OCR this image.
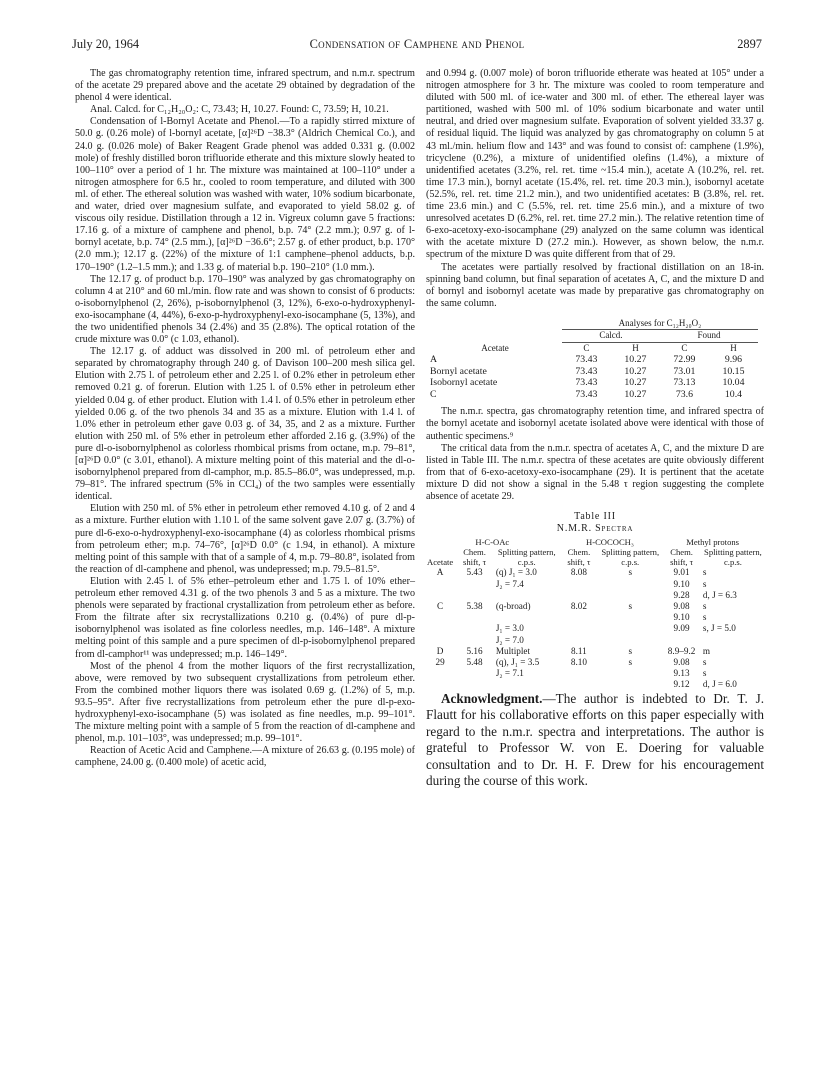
July 20, 1964	Condensation of Camphene and Phenol	2897

The gas chromatography retention time, infrared spectrum, and n.m.r. spectrum of the acetate 29 prepared above and the acetate 29 obtained by degradation of the phenol 4 were identical.

Anal. Calcd. for C₁₂H₂₀O₂: C, 73.43; H, 10.27. Found: C, 73.59; H, 10.21.

Condensation of l-Bornyl Acetate and Phenol.—To a rapidly stirred mixture of 50.0 g. (0.26 mole) of l-bornyl acetate, [α]²⁶D −38.3° (Aldrich Chemical Co.), and 24.0 g. (0.026 mole) of Baker Reagent Grade phenol was added 0.331 g. (0.002 mole) of freshly distilled boron trifluoride etherate and this mixture slowly heated to 100–110° over a period of 1 hr. The mixture was maintained at 100–110° under a nitrogen atmosphere for 6.5 hr., cooled to room temperature, and diluted with 300 ml. of ether. The ethereal solution was washed with water, 10% sodium bicarbonate, and water, dried over magnesium sulfate, and evaporated to yield 58.02 g. of viscous oily residue. Distillation through a 12 in. Vigreux column gave 5 fractions: 17.16 g. of a mixture of camphene and phenol, b.p. 74° (2.2 mm.); 0.97 g. of l-bornyl acetate, b.p. 74° (2.5 mm.), [α]²⁶D −36.6°; 2.57 g. of ether product, b.p. 170° (2.0 mm.); 12.17 g. (22%) of the mixture of 1:1 camphene–phenol adducts, b.p. 170–190° (1.2–1.5 mm.); and 1.33 g. of material b.p. 190–210° (1.0 mm.).

The 12.17 g. of product b.p. 170–190° was analyzed by gas chromatography on column 4 at 210° and 60 ml./min. flow rate and was shown to consist of 6 products: o-isobornylphenol (2, 26%), p-isobornylphenol (3, 12%), 6-exo-o-hydroxyphenyl-exo-isocamphane (4, 44%), 6-exo-p-hydroxyphenyl-exo-isocamphane (5, 13%), and the two unidentified phenols 34 (2.4%) and 35 (2.8%). The optical rotation of the crude mixture was 0.0° (c 1.03, ethanol).

The 12.17 g. of adduct was dissolved in 200 ml. of petroleum ether and separated by chromatography through 240 g. of Davison 100–200 mesh silica gel. Elution with 2.75 l. of petroleum ether and 2.25 l. of 0.2% ether in petroleum ether removed 0.21 g. of forerun. Elution with 1.25 l. of 0.5% ether in petroleum ether yielded 0.04 g. of ether product. Elution with 1.4 l. of 0.5% ether in petroleum ether yielded 0.06 g. of the two phenols 34 and 35 as a mixture. Elution with 1.4 l. of 1.0% ether in petroleum ether gave 0.03 g. of 34, 35, and 2 as a mixture. Further elution with 250 ml. of 5% ether in petroleum ether afforded 2.16 g. (3.9%) of the pure dl-o-isobornylphenol as colorless rhombical prisms from octane, m.p. 79–81°, [α]²⁶D 0.0° (c 3.01, ethanol). A mixture melting point of this material and the dl-o-isobornylphenol prepared from dl-camphor, m.p. 85.5–86.0°, was undepressed, m.p. 79–81°. The infrared spectrum (5% in CCl₄) of the two samples were essentially identical.

Elution with 250 ml. of 5% ether in petroleum ether removed 4.10 g. of 2 and 4 as a mixture. Further elution with 1.10 l. of the same solvent gave 2.07 g. (3.7%) of pure dl-6-exo-o-hydroxyphenyl-exo-isocamphane (4) as colorless rhombical prisms from petroleum ether; m.p. 74–76°, [α]²⁶D 0.0° (c 1.94, in ethanol). A mixture melting point of this sample with that of a sample of 4, m.p. 79–80.8°, isolated from the reaction of dl-camphene and phenol, was undepressed; m.p. 79.5–81.5°.

Elution with 2.45 l. of 5% ether–petroleum ether and 1.75 l. of 10% ether–petroleum ether removed 4.31 g. of the two phenols 3 and 5 as a mixture. The two phenols were separated by fractional crystallization from petroleum ether as before. From the filtrate after six recrystallizations 0.210 g. (0.4%) of pure dl-p-isobornylphenol was isolated as fine colorless needles, m.p. 146–148°. A mixture melting point of this sample and a pure specimen of dl-p-isobornylphenol prepared from dl-camphor¹¹ was undepressed; m.p. 146–149°.

Most of the phenol 4 from the mother liquors of the first recrystallization, above, were removed by two subsequent crystallizations from petroleum ether. From the combined mother liquors there was isolated 0.69 g. (1.2%) of 5, m.p. 93.5–95°. After five recrystallizations from petroleum ether the pure dl-p-exo-hydroxyphenyl-exo-isocamphane (5) was isolated as fine needles, m.p. 99–101°. The mixture melting point with a sample of 5 from the reaction of dl-camphene and phenol, m.p. 101–103°, was undepressed; m.p. 99–101°.

Reaction of Acetic Acid and Camphene.—A mixture of 26.63 g. (0.195 mole) of camphene, 24.00 g. (0.400 mole) of acetic acid,

and 0.994 g. (0.007 mole) of boron trifluoride etherate was heated at 105° under a nitrogen atmosphere for 3 hr. The mixture was cooled to room temperature and diluted with 500 ml. of ice-water and 300 ml. of ether. The ethereal layer was partitioned, washed with 500 ml. of 10% sodium bicarbonate and water until neutral, and dried over magnesium sulfate. Evaporation of solvent yielded 33.37 g. of residual liquid. The liquid was analyzed by gas chromatography on column 5 at 43 ml./min. helium flow and 143° and was found to consist of: camphene (1.9%), tricyclene (0.2%), a mixture of unidentified olefins (1.4%), a mixture of unidentified acetates (3.2%, rel. ret. time ~15.4 min.), acetate A (10.2%, rel. ret. time 17.3 min.), bornyl acetate (15.4%, rel. ret. time 20.3 min.), isobornyl acetate (52.5%, rel. ret. time 21.2 min.), and two unidentified acetates: B (3.8%, rel. ret. time 23.6 min.) and C (5.5%, rel. ret. time 25.6 min.), and a mixture of two unresolved acetates D (6.2%, rel. ret. time 27.2 min.). The relative retention time of 6-exo-acetoxy-exo-isocamphane (29) analyzed on the same column was identical with the acetate mixture D (27.2 min.). However, as shown below, the n.m.r. spectrum of the mixture D was quite different from that of 29.

The acetates were partially resolved by fractional distillation on an 18-in. spinning band column, but final separation of acetates A, C, and the mixture D and of bornyl and isobornyl acetate was made by preparative gas chromatography on the same column.

	Analyses for C₁₂H₂₀O₂			
	Calcd.		Found	
Acetate	C	H	C	H
A	73.43	10.27	72.99	9.96
Bornyl acetate	73.43	10.27	73.01	10.15
Isobornyl acetate	73.43	10.27	73.13	10.04
C	73.43	10.27	73.6	10.4

The n.m.r. spectra, gas chromatography retention time, and infrared spectra of the bornyl acetate and isobornyl acetate isolated above were identical with those of authentic specimens.⁹

The critical data from the n.m.r. spectra of acetates A, C, and the mixture D are listed in Table III. The n.m.r. spectra of these acetates are quite obviously different from that of 6-exo-acetoxy-exo-isocamphane (29). It is pertinent that the acetate mixture D did not show a signal in the 5.48 τ region suggesting the complete absence of acetate 29.

Table III
N.M.R. Spectra
H-C-OAc			H-COCOCH₃		Methyl protons	
Acetate	Chem. shift, τ	Splitting pattern, c.p.s.	Chem. shift, τ	Splitting pattern, c.p.s.	Chem. shift, τ	Splitting pattern, c.p.s.
A	5.43	(q) J₁ = 3.0	8.08	s	9.01	s
		J₂ = 7.4			9.10	s
					9.28	d, J = 6.3
C	5.38	(q-broad)	8.02	s	9.08	s
					9.10	s
		J₁ = 3.0			9.09	s, J = 5.0
		J₂ = 7.0				
D	5.16	Multiplet	8.11	s	8.9–9.2	m
29	5.48	(q), J₁ = 3.5	8.10	s	9.08	s
		J₂ = 7.1			9.13	s
					9.12	d, J = 6.0

Acknowledgment.—The author is indebted to Dr. T. J. Flautt for his collaborative efforts on this paper especially with regard to the n.m.r. spectra and interpretations. The author is grateful to Professor W. von E. Doering for valuable consultation and to Dr. H. F. Drew for his encouragement during the course of this work.
